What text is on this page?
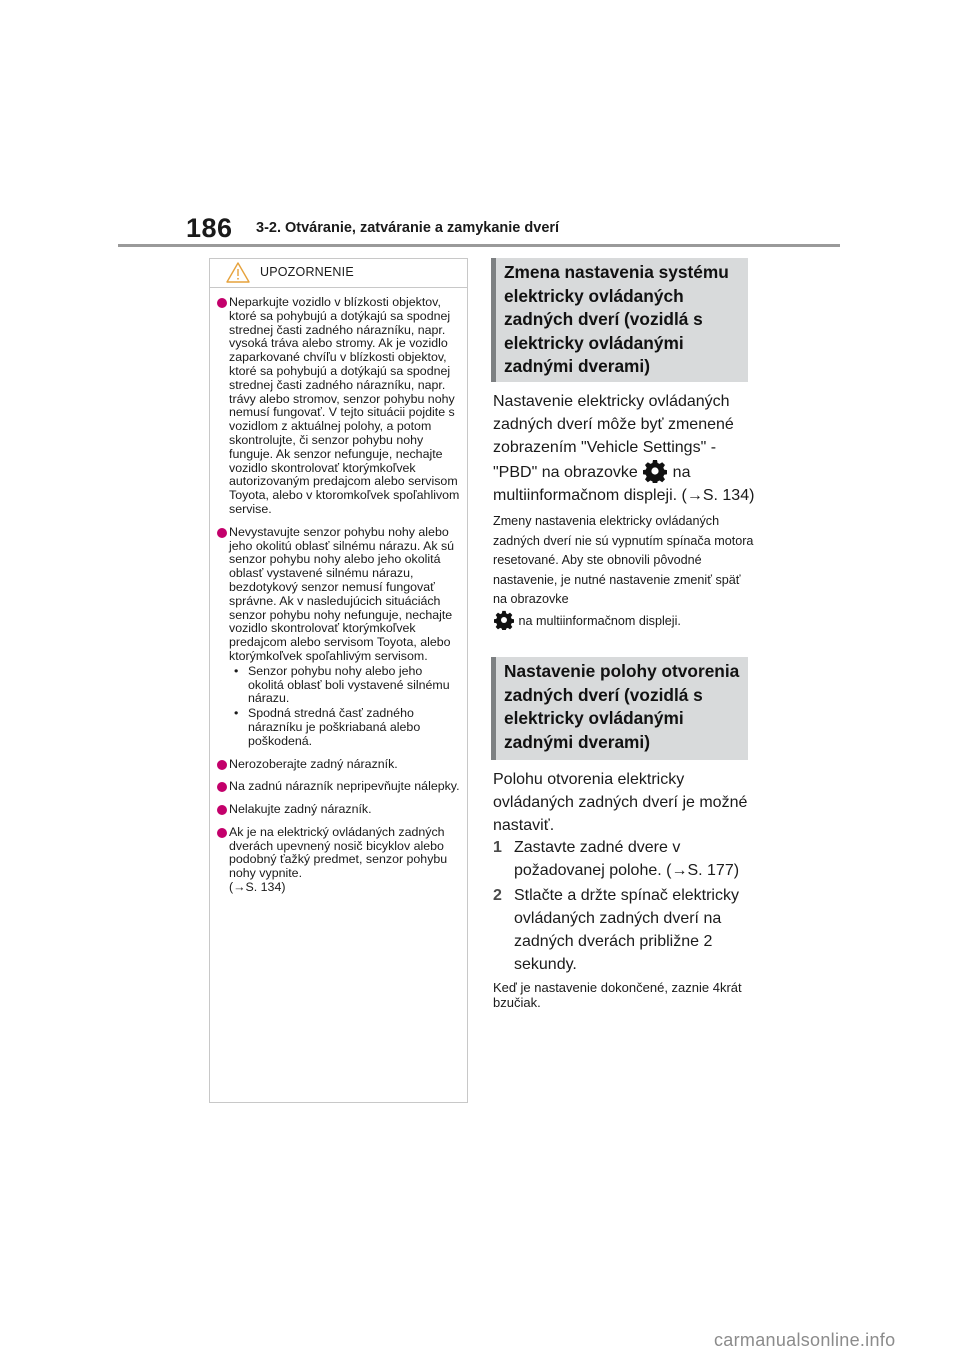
186 3-2. Otváranie, zatváranie a zamykanie dverí
UPOZORNENIE

Neparkujte vozidlo v blízkosti objektov, ktoré sa pohybujú a dotýkajú sa spodnej strednej časti zadného nárazníku, napr. vysoká tráva alebo stromy. Ak je vozidlo zaparkované chvíľu v blízkosti objektov, ktoré sa pohybujú a dotýkajú sa spodnej strednej časti zadného nárazníku, napr. trávy alebo stromov, senzor pohybu nohy nemusí fungovať. V tejto situácii pojdite s vozidlom z aktuálnej polohy, a potom skontrolujte, či senzor pohybu nohy funguje. Ak senzor nefunguje, nechajte vozidlo skontrolovať ktorýmkoľvek autorizovaným predajcom alebo servisom Toyota, alebo v ktoromkoľvek spoľahlivom servise.

Nevystavujte senzor pohybu nohy alebo jeho okolitú oblasť silnému nárazu. Ak sú senzor pohybu nohy alebo jeho okolitá oblasť vystavené silnému nárazu, bezdotykový senzor nemusí fungovať správne. Ak v nasledujúcich situáciách senzor pohybu nohy nefunguje, nechajte vozidlo skontrolovať ktorýmkoľvek predajcom alebo servisom Toyota, alebo ktorýmkoľvek spoľahlivým servisom.

• Senzor pohybu nohy alebo jeho okolitá oblasť boli vystavené silnému nárazu.

• Spodná stredná časť zadného nárazníku je poškriabaná alebo poškodená.

Nerozoberajte zadný nárazník.

Na zadnú nárazník nepripevňujte nálepky.

Nelakujte zadný nárazník.

Ak je na elektrický ovládaných zadných dverách upevnený nosič bicyklov alebo podobný ťažký predmet, senzor pohybu nohy vypnite.
(→S. 134)

Zmena nastavenia systému elektricky ovládaných zadných dverí (vozidlá s elektricky ovládanými zadnými dverami)
Nastavenie elektricky ovládaných zadných dverí môže byť zmenené zobrazením "Vehicle Settings" - "PBD" na obrazovke na multiinformačnom displeji. (→S. 134)
Zmeny nastavenia elektricky ovládaných zadných dverí nie sú vypnutím spínača motora resetované. Aby ste obnovili pôvodné nastavenie, je nutné nastavenie zmeniť späť na obrazovke
na multiinformačnom displeji.
Nastavenie polohy otvorenia zadných dverí (vozidlá s elektricky ovládanými zadnými dverami)
Polohu otvorenia elektricky ovládaných zadných dverí je možné nastaviť.
1 Zastavte zadné dvere v požadovanej polohe. (→S. 177)
2 Stlačte a držte spínač elektricky ovládaných zadných dverí na zadných dverách približne 2 sekundy.
Keď je nastavenie dokončené, zaznie 4krát bzučiak.
carmanualsonline.info
